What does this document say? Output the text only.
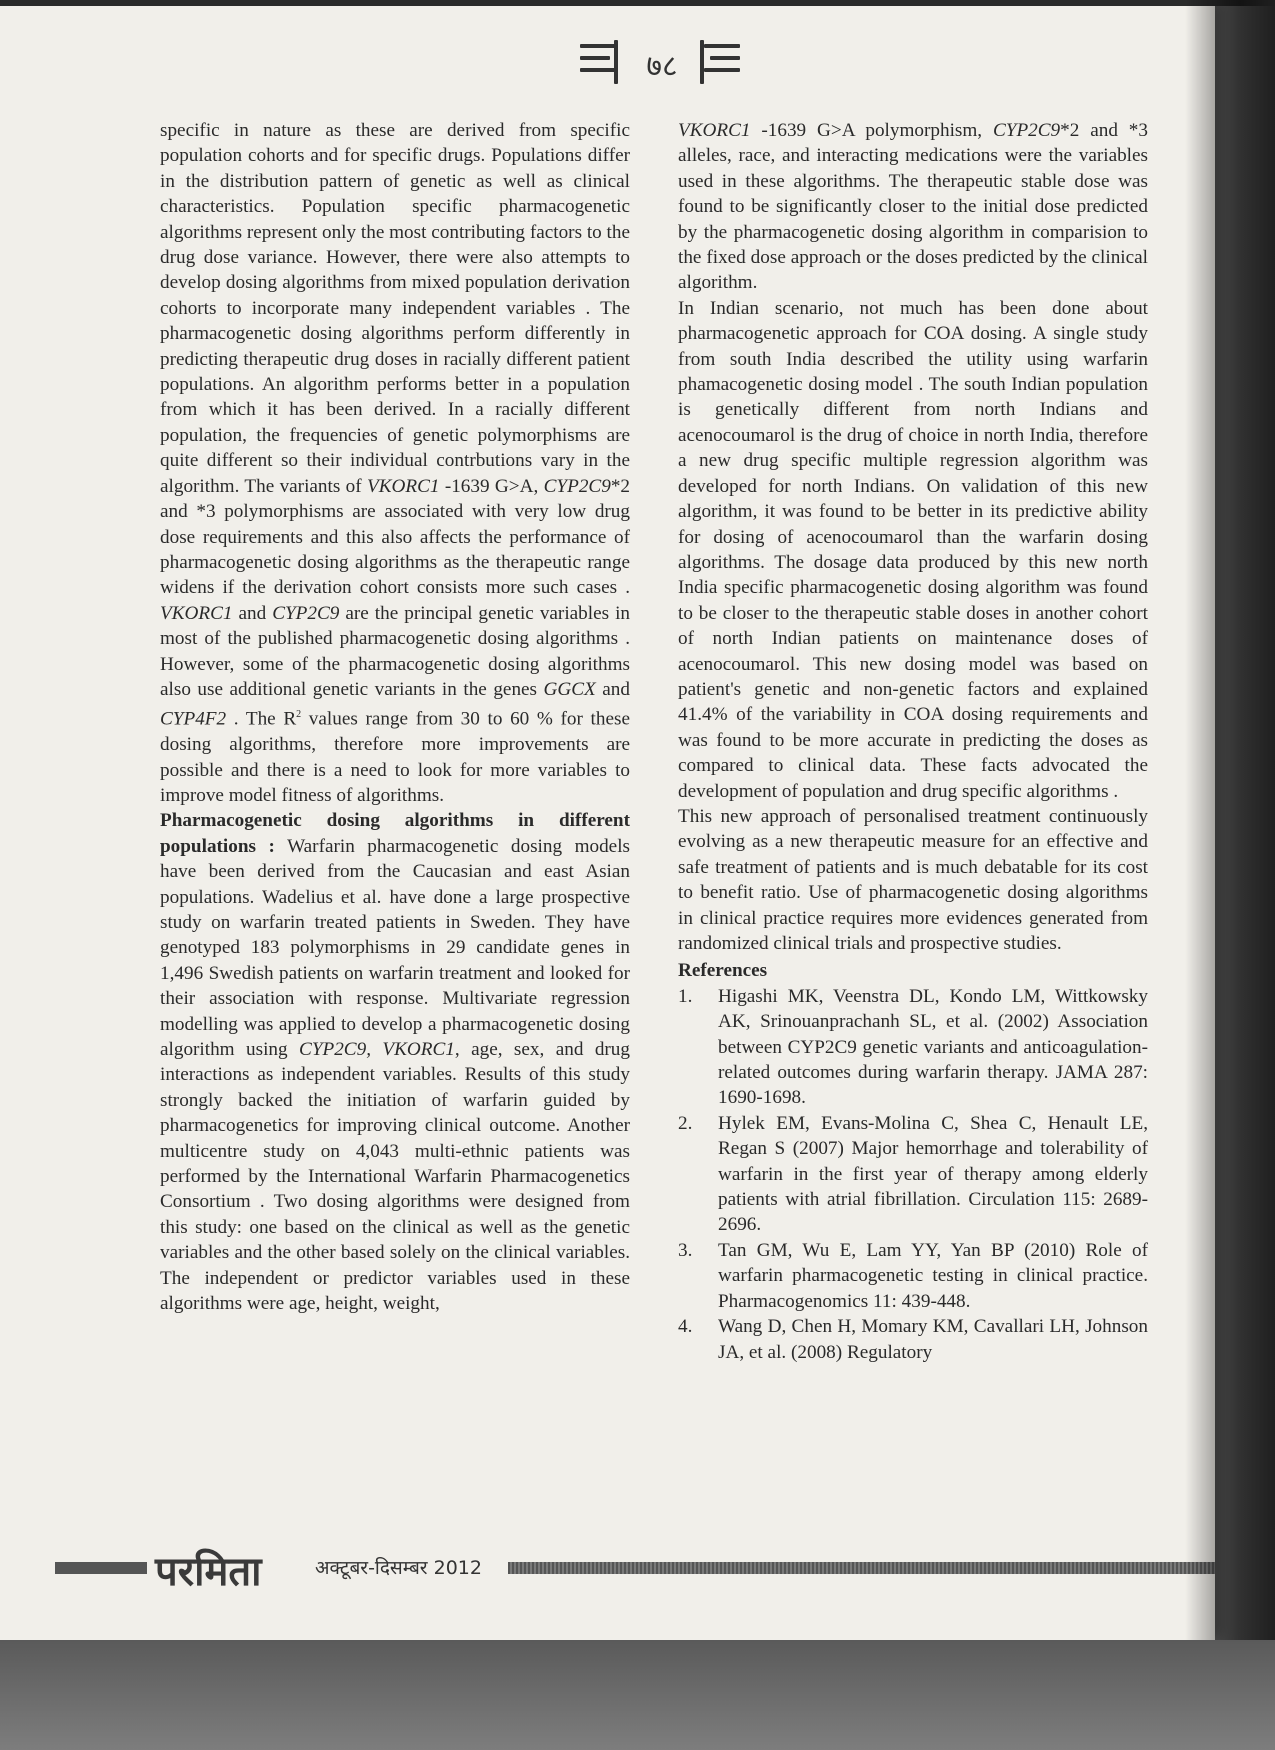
७८

specific in nature as these are derived from specific population cohorts and for specific drugs. Populations differ in the distribution pattern of genetic as well as clinical characteristics. Population specific pharmacogenetic algorithms represent only the most contributing factors to the drug dose variance. However, there were also attempts to develop dosing algorithms from mixed population derivation cohorts to incorporate many independent variables . The pharmacogenetic dosing algorithms perform differently in predicting therapeutic drug doses in racially different patient populations. An algorithm performs better in a population from which it has been derived. In a racially different population, the frequencies of genetic polymorphisms are quite different so their individual contrbutions vary in the algorithm. The variants of VKORC1 -1639 G>A, CYP2C9*2 and *3 polymorphisms are associated with very low drug dose requirements and this also affects the performance of pharmacogenetic dosing algorithms as the therapeutic range widens if the derivation cohort consists more such cases . VKORC1 and CYP2C9 are the principal genetic variables in most of the published pharmacogenetic dosing algorithms . However, some of the pharmacogenetic dosing algorithms also use additional genetic variants in the genes GGCX and CYP4F2 . The $R^2$ values range from 30 to 60 % for these dosing algorithms, therefore more improvements are possible and there is a need to look for more variables to improve model fitness of algorithms.

Pharmacogenetic dosing algorithms in different populations : Warfarin pharmacogenetic dosing models have been derived from the Caucasian and east Asian populations. Wadelius et al. have done a large prospective study on warfarin treated patients in Sweden. They have genotyped 183 polymorphisms in 29 candidate genes in 1,496 Swedish patients on warfarin treatment and looked for their association with response. Multivariate regression modelling was applied to develop a pharmacogenetic dosing algorithm using CYP2C9, VKORC1, age, sex, and drug interactions as independent variables. Results of this study strongly backed the initiation of warfarin guided by pharmacogenetics for improving clinical outcome. Another multicentre study on 4,043 multi-ethnic patients was performed by the International Warfarin Pharmacogenetics Consortium . Two dosing algorithms were designed from this study: one based on the clinical as well as the genetic variables and the other based solely on the clinical variables. The independent or predictor variables used in these algorithms were age, height, weight,

VKORC1 -1639 G>A polymorphism, CYP2C9*2 and *3 alleles, race, and interacting medications were the variables used in these algorithms. The therapeutic stable dose was found to be significantly closer to the initial dose predicted by the pharmacogenetic dosing algorithm in comparision to the fixed dose approach or the doses predicted by the clinical algorithm.

In Indian scenario, not much has been done about pharmacogenetic approach for COA dosing. A single study from south India described the utility using warfarin phamacogenetic dosing model . The south Indian population is genetically different from north Indians and acenocoumarol is the drug of choice in north India, therefore a new drug specific multiple regression algorithm was developed for north Indians. On validation of this new algorithm, it was found to be better in its predictive ability for dosing of acenocoumarol than the warfarin dosing algorithms. The dosage data produced by this new north India specific pharmacogenetic dosing algorithm was found to be closer to the therapeutic stable doses in another cohort of north Indian patients on maintenance doses of acenocoumarol. This new dosing model was based on patient's genetic and non-genetic factors and explained 41.4% of the variability in COA dosing requirements and was found to be more accurate in predicting the doses as compared to clinical data. These facts advocated the development of population and drug specific algorithms .

This new approach of personalised treatment continuously evolving as a new therapeutic measure for an effective and safe treatment of patients and is much debatable for its cost to benefit ratio. Use of pharmacogenetic dosing algorithms in clinical practice requires more evidences generated from randomized clinical trials and prospective studies.

References
1. Higashi MK, Veenstra DL, Kondo LM, Wittkowsky AK, Srinouanprachanh SL, et al. (2002) Association between CYP2C9 genetic variants and anticoagulation-related outcomes during warfarin therapy. JAMA 287: 1690-1698.
2. Hylek EM, Evans-Molina C, Shea C, Henault LE, Regan S (2007) Major hemorrhage and tolerability of warfarin in the first year of therapy among elderly patients with atrial fibrillation. Circulation 115: 2689-2696.
3. Tan GM, Wu E, Lam YY, Yan BP (2010) Role of warfarin pharmacogenetic testing in clinical practice. Pharmacogenomics 11: 439-448.
4. Wang D, Chen H, Momary KM, Cavallari LH, Johnson JA, et al. (2008) Regulatory
परमिता	अक्टूबर-दिसम्बर 2012
